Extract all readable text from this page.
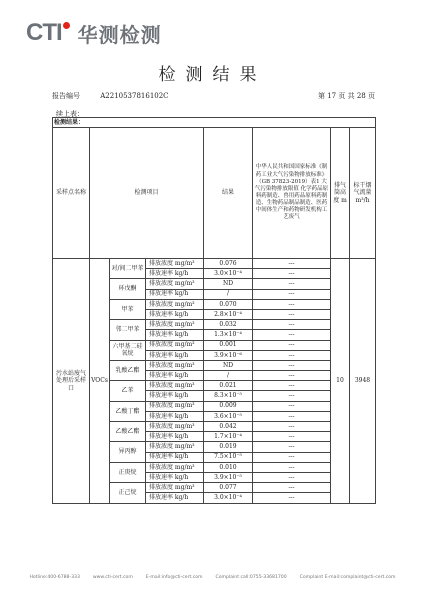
CTI 华测检测
检测结果
报告编号	A2210537816102C	第 17 页 共 28 页
续上表：
检测结果：							
采样点名称	检测项目			结果	中华人民共和国国家标准《制药工业大气污染物排放标准》（GB 37823-2019）表1 大气污染物排放限值 化学药品原料药制造、兽用药品原料药制造、生物药品制品制造、医药中间体生产和药物研发机构工艺废气	排气筒高度 m	标干烟气流量 m³/h
污水站废气处理后采样口	VOCs	对/间二甲苯	排放浓度 mg/m³	0.076	---	10	3948
			排放速率 kg/h	3.0×10⁻⁴	---		
		环戊酮	排放浓度 mg/m³	ND	---		
			排放速率 kg/h	/	---		
		甲苯	排放浓度 mg/m³	0.070	---		
			排放速率 kg/h	2.8×10⁻⁴	---		
		邻二甲苯	排放浓度 mg/m³	0.032	---		
			排放速率 kg/h	1.3×10⁻⁴	---		
		六甲基二硅氧烷	排放浓度 mg/m³	0.001	---		
			排放速率 kg/h	3.9×10⁻⁶	---		
		乳酸乙酯	排放浓度 mg/m³	ND	---		
			排放速率 kg/h	/	---		
		乙苯	排放浓度 mg/m³	0.021	---		
			排放速率 kg/h	8.3×10⁻⁵	---		
		乙酸丁酯	排放浓度 mg/m³	0.009	---		
			排放速率 kg/h	3.6×10⁻⁵	---		
		乙酸乙酯	排放浓度 mg/m³	0.042	---		
			排放速率 kg/h	1.7×10⁻⁴	---		
		异丙醇	排放浓度 mg/m³	0.019	---		
			排放速率 kg/h	7.5×10⁻⁵	---		
		正庚烷	排放浓度 mg/m³	0.010	---		
			排放速率 kg/h	3.9×10⁻⁵	---		
		正己烷	排放浓度 mg/m³	0.077	---		
			排放速率 kg/h	3.0×10⁻⁴	---		
Hotline:400-6788-333	www.cti-cert.com	E-mail:info@cti-cert.com	Complaint call:0755-33681700	Complaint E-mail:complaint@cti-cert.com
